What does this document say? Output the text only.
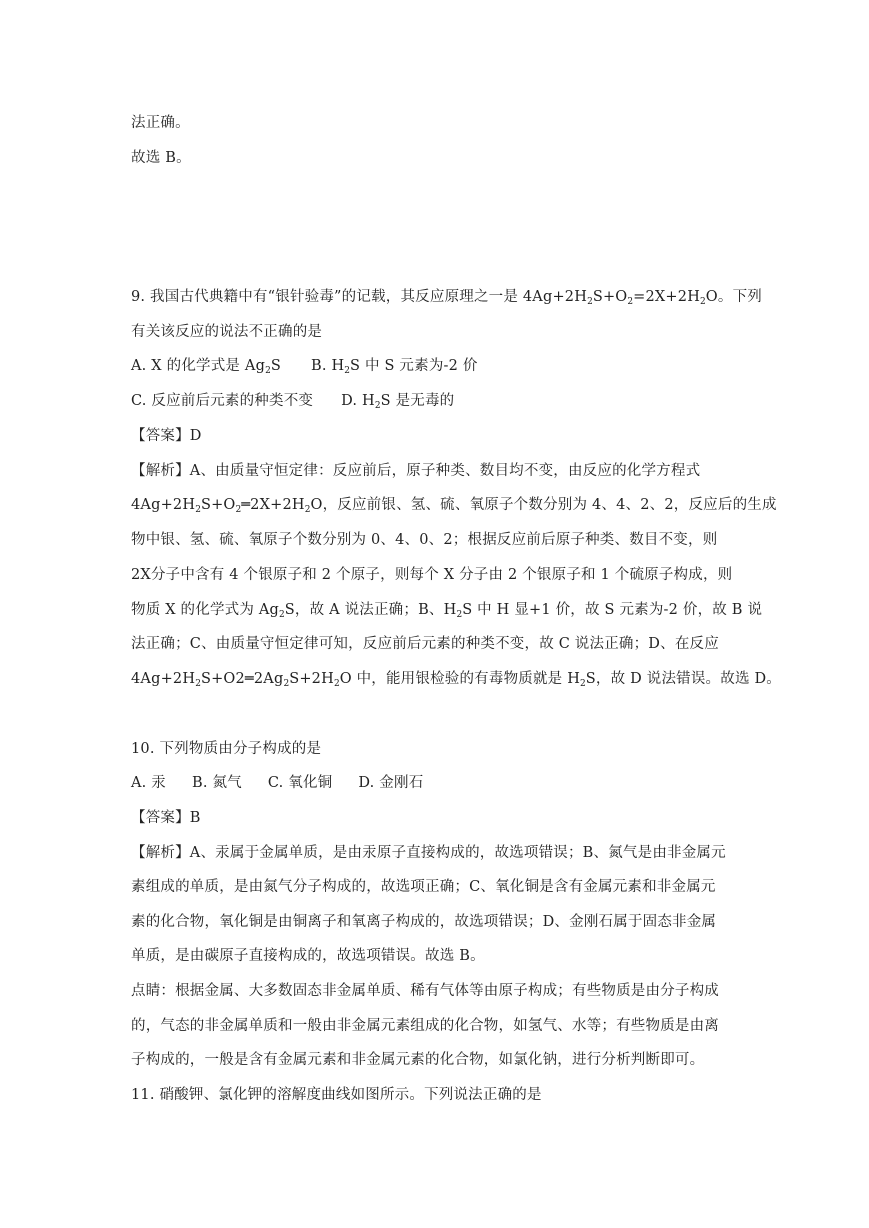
法正确。
故选 B。
9. 我国古代典籍中有“银针验毒”的记载，其反应原理之一是 $4Ag+2H_2S+O_2=2X+2H_2O$。下列
有关该反应的说法不正确的是
A. X 的化学式是 $Ag_2S$ B. $H_2S$ 中 S 元素为-2 价
C. 反应前后元素的种类不变 D. $H_2S$ 是无毒的
【答案】D
【解析】A、由质量守恒定律：反应前后，原子种类、数目均不变，由反应的化学方程式
$4Ag+2H_2S+O_2═2X+2H_2O$，反应前银、氢、硫、氧原子个数分别为 4、4、2、2，反应后的生成
物中银、氢、硫、氧原子个数分别为 0、4、0、2；根据反应前后原子种类、数目不变，则
2X分子中含有 4 个银原子和 2 个原子，则每个 X 分子由 2 个银原子和 1 个硫原子构成，则
物质 X 的化学式为 $Ag_2S$，故 A 说法正确；B、$H_2S$ 中 H 显+1 价，故 S 元素为-2 价，故 B 说
法正确；C、由质量守恒定律可知，反应前后元素的种类不变，故 C 说法正确；D、在反应
$4Ag+2H_2S+O2═2Ag_2S+2H_2O$ 中，能用银检验的有毒物质就是 $H_2S$，故 D 说法错误。故选 D。
10. 下列物质由分子构成的是
A. 汞 B. 氮气 C. 氧化铜 D. 金刚石
【答案】B
【解析】A、汞属于金属单质，是由汞原子直接构成的，故选项错误；B、氮气是由非金属元
素组成的单质，是由氮气分子构成的，故选项正确；C、氧化铜是含有金属元素和非金属元
素的化合物，氧化铜是由铜离子和氧离子构成的，故选项错误；D、金刚石属于固态非金属
单质，是由碳原子直接构成的，故选项错误。故选 B。
点睛：根据金属、大多数固态非金属单质、稀有气体等由原子构成；有些物质是由分子构成
的，气态的非金属单质和一般由非金属元素组成的化合物，如氢气、水等；有些物质是由离
子构成的，一般是含有金属元素和非金属元素的化合物，如氯化钠，进行分析判断即可。
11. 硝酸钾、氯化钾的溶解度曲线如图所示。下列说法正确的是
